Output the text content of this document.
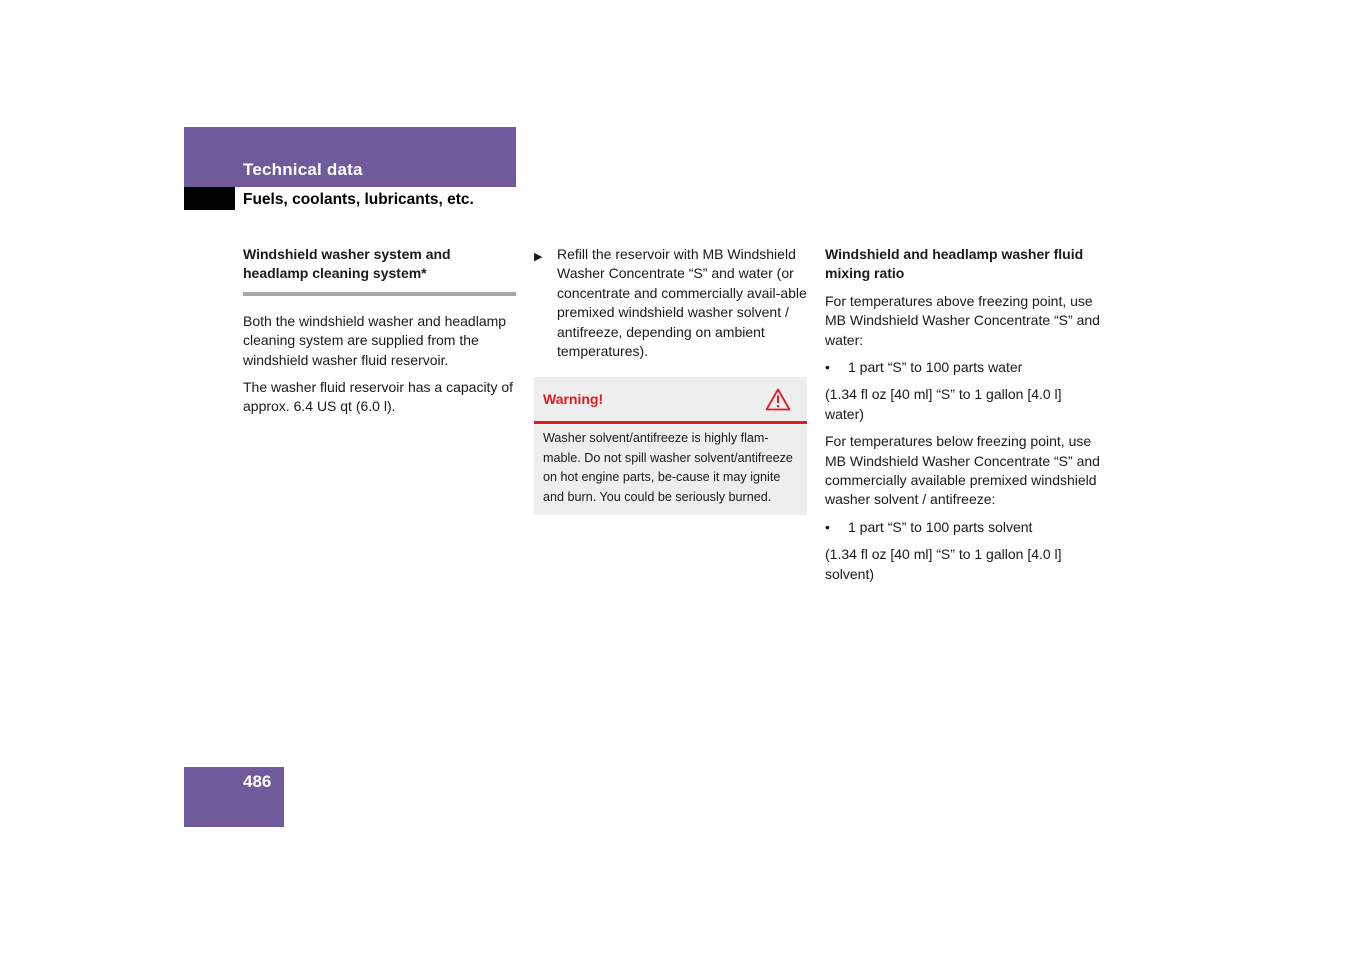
Technical data
Fuels, coolants, lubricants, etc.

Windshield washer system and headlamp cleaning system*

Both the windshield washer and headlamp cleaning system are supplied from the windshield washer fluid reservoir.

The washer fluid reservoir has a capacity of approx. 6.4 US qt (6.0 l).

▶	Refill the reservoir with MB Windshield Washer Concentrate “S” and water (or concentrate and commercially avail-able premixed windshield washer solvent / antifreeze, depending on ambient temperatures).
Warning!
Washer solvent/antifreeze is highly flam-mable. Do not spill washer solvent/antifreeze on hot engine parts, be-cause it may ignite and burn. You could be seriously burned.

Windshield and headlamp washer fluid mixing ratio

For temperatures above freezing point, use MB Windshield Washer Concentrate “S” and water:

•	1 part “S” to 100 parts water

(1.34 fl oz [40 ml] “S” to 1 gallon [4.0 l] water)

For temperatures below freezing point, use MB Windshield Washer Concentrate “S” and commercially available premixed windshield washer solvent / antifreeze:

•	1 part “S” to 100 parts solvent

(1.34 fl oz [40 ml] “S” to 1 gallon [4.0 l] solvent)

486
